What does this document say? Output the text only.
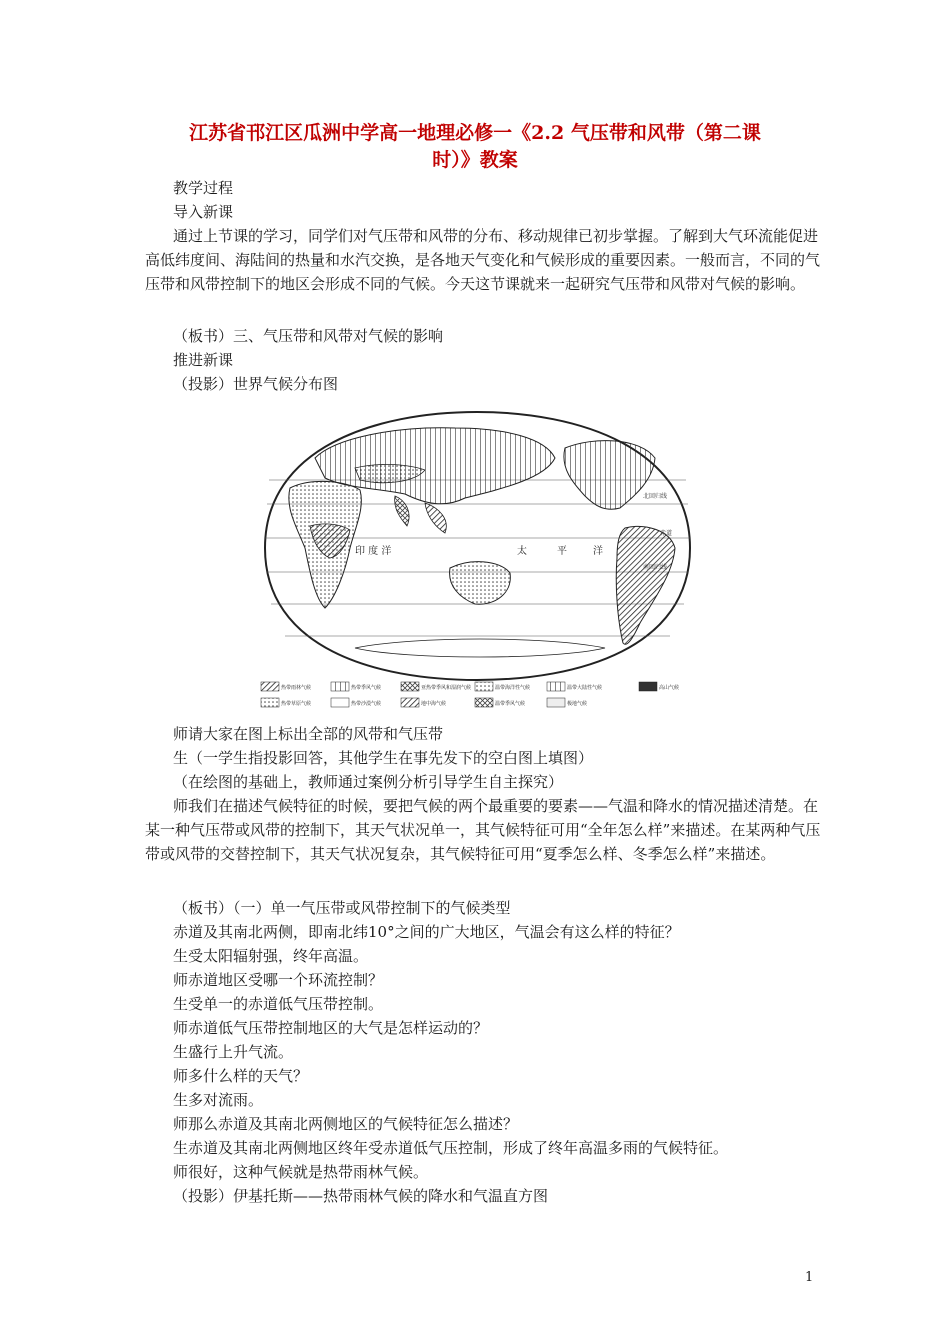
江苏省邗江区瓜洲中学高一地理必修一《2.2 气压带和风带（第二课
时）》教案
教学过程
导入新课

通过上节课的学习，同学们对气压带和风带的分布、移动规律已初步掌握。了解到大气环流能促进高低纬度间、海陆间的热量和水汽交换，是各地天气变化和气候形成的重要因素。一般而言，不同的气压带和风带控制下的地区会形成不同的气候。今天这节课就来一起研究气压带和风带对气候的影响。

（板书）三、气压带和风带对气候的影响
推进新课
（投影）世界气候分布图
印 度 洋	太	平	洋
北回归线
赤道
南回归线
热带雨林气候	热带季风气候	亚热带季风和湿润气候	温带海洋性气候	温带大陆性气候	高山气候
热带草原气候	热带沙漠气候	地中海气候	温带季风气候	极地气候
师请大家在图上标出全部的风带和气压带
生（一学生指投影回答，其他学生在事先发下的空白图上填图）
（在绘图的基础上，教师通过案例分析引导学生自主探究）

师我们在描述气候特征的时候，要把气候的两个最重要的要素——气温和降水的情况描述清楚。在某一种气压带或风带的控制下，其天气状况单一，其气候特征可用“全年怎么样”来描述。在某两种气压带或风带的交替控制下，其天气状况复杂，其气候特征可用“夏季怎么样、冬季怎么样”来描述。

（板书）（一）单一气压带或风带控制下的气候类型
赤道及其南北两侧，即南北纬10°之间的广大地区，气温会有这么样的特征？
生受太阳辐射强，终年高温。
师赤道地区受哪一个环流控制？
生受单一的赤道低气压带控制。
师赤道低气压带控制地区的大气是怎样运动的？
生盛行上升气流。
师多什么样的天气？
生多对流雨。
师那么赤道及其南北两侧地区的气候特征怎么描述？
生赤道及其南北两侧地区终年受赤道低气压控制，形成了终年高温多雨的气候特征。
师很好，这种气候就是热带雨林气候。
（投影）伊基托斯——热带雨林气候的降水和气温直方图
1
